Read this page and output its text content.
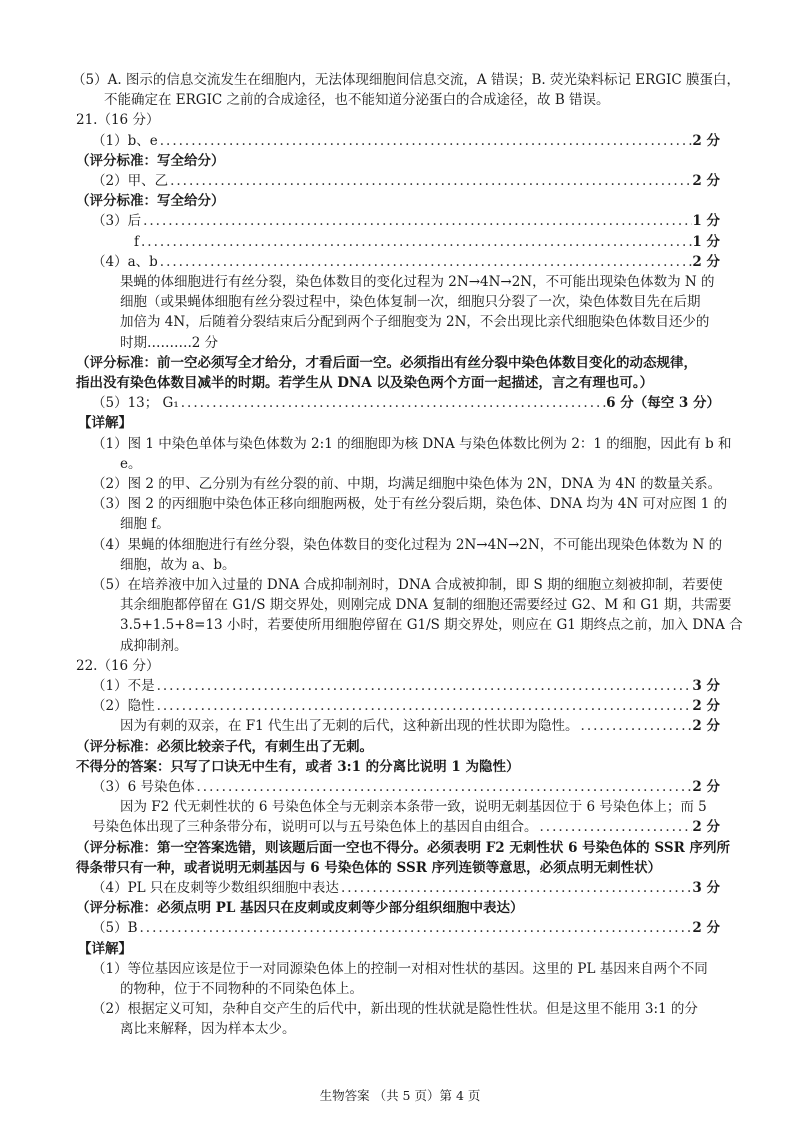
（5）A. 图示的信息交流发生在细胞内，无法体现细胞间信息交流，A 错误；B. 荧光染料标记 ERGIC 膜蛋白，
不能确定在 ERGIC 之前的合成途径，也不能知道分泌蛋白的合成途径，故 B 错误。
21.（16 分）
（1）b、e .....	2 分
（评分标准：写全给分）
（2）甲、乙 .....	2 分
（评分标准：写全给分）
（3）后 .....	1 分
f .....	1 分
（4）a、b .....	2 分
果蝇的体细胞进行有丝分裂，染色体数目的变化过程为 2N→4N→2N，不可能出现染色体数为 N 的
细胞（或果蝇体细胞有丝分裂过程中，染色体复制一次，细胞只分裂了一次，染色体数目先在后期
加倍为 4N，后随着分裂结束后分配到两个子细胞变为 2N，不会出现比亲代细胞染色体数目还少的
时期……….2 分
（评分标准：前一空必须写全才给分，才看后面一空。必须指出有丝分裂中染色体数目变化的动态规律，
指出没有染色体数目减半的时期。若学生从 DNA 以及染色两个方面一起描述，言之有理也可。）
（5）13； G₁ .....	6 分（每空 3 分）
【详解】
（1）图 1 中染色单体与染色体数为 2:1 的细胞即为核 DNA 与染色体数比例为 2：1 的细胞，因此有 b 和
e。
（2）图 2 的甲、乙分别为有丝分裂的前、中期，均满足细胞中染色体为 2N，DNA 为 4N 的数量关系。
（3）图 2 的丙细胞中染色体正移向细胞两极，处于有丝分裂后期，染色体、DNA 均为 4N 可对应图 1 的
细胞 f。
（4）果蝇的体细胞进行有丝分裂，染色体数目的变化过程为 2N→4N→2N，不可能出现染色体数为 N 的
细胞，故为 a、b。
（5）在培养液中加入过量的 DNA 合成抑制剂时，DNA 合成被抑制，即 S 期的细胞立刻被抑制，若要使
其余细胞都停留在 G1/S 期交界处，则刚完成 DNA 复制的细胞还需要经过 G2、M 和 G1 期，共需要
3.5+1.5+8=13 小时，若要使所用细胞停留在 G1/S 期交界处，则应在 G1 期终点之前，加入 DNA 合
成抑制剂。
22.（16 分）
（1）不是 .....	3 分
（2）隐性 .....	2 分
因为有刺的双亲，在 F1 代生出了无刺的后代，这种新出现的性状即为隐性。 .....	2 分
（评分标准：必须比较亲子代，有刺生出了无刺。
不得分的答案：只写了口诀无中生有，或者 3:1 的分离比说明 1 为隐性）
（3）6 号染色体 .....	2 分
因为 F2 代无刺性状的 6 号染色体全与无刺亲本条带一致，说明无刺基因位于 6 号染色体上；而 5
号染色体出现了三种条带分布，说明可以与五号染色体上的基因自由组合。 .....	2 分
（评分标准：第一空答案选错，则该题后面一空也不得分。必须表明 F2 无刺性状 6 号染色体的 SSR 序列所
得条带只有一种，或者说明无刺基因与 6 号染色体的 SSR 序列连锁等意思，必须点明无刺性状）
（4）PL 只在皮刺等少数组织细胞中表达 .....	3 分
（评分标准：必须点明 PL 基因只在皮刺或皮刺等少部分组织细胞中表达）
（5）B .....	2 分
【详解】
生物答案 （共 5 页）第 4 页
（1）等位基因应该是位于一对同源染色体上的控制一对相对性状的基因。这里的 PL 基因来自两个不同
的物种，位于不同物种的不同染色体上。
（2）根据定义可知，杂种自交产生的后代中，新出现的性状就是隐性性状。但是这里不能用 3:1 的分
离比来解释，因为样本太少。
